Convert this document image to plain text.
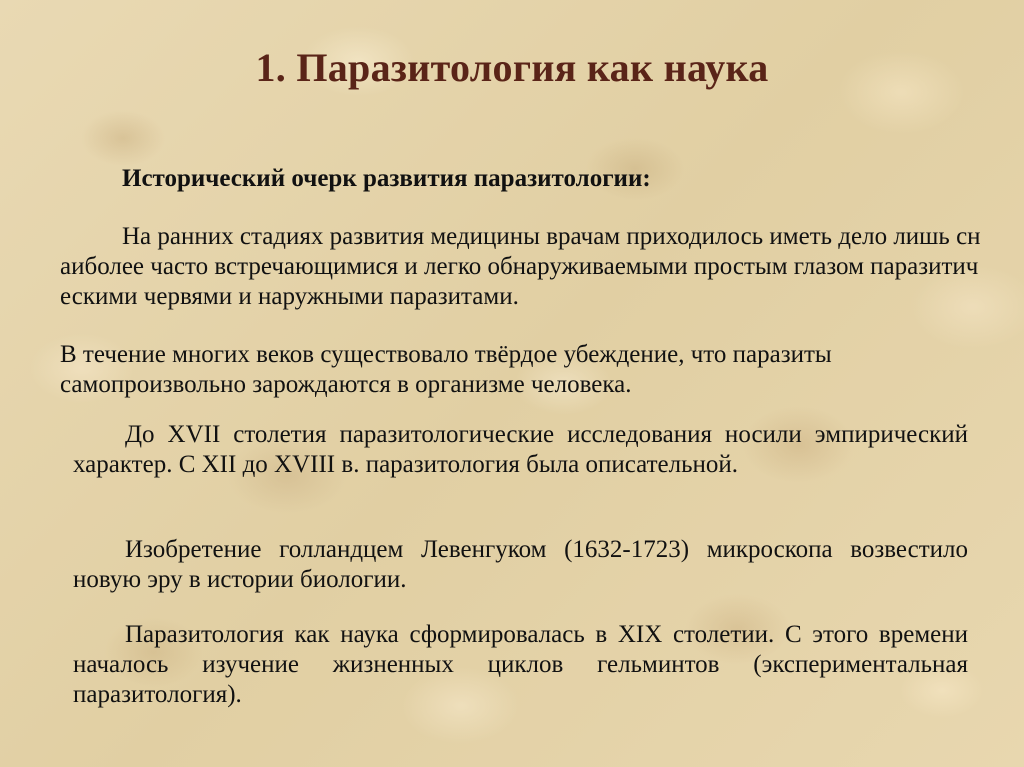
1. Паразитология как наука
Исторический очерк развития паразитологии:

На ранних стадиях развития медицины врачам приходилось иметь дело лишь снаиболее часто встречающимися и легко обнаруживаемыми простым глазом паразитическими червями и наружными паразитами.

В течение многих веков существовало твёрдое убеждение, что паразиты самопроизвольно зарождаются в организме человека.

До XVII столетия паразитологические исследования носили эмпирический характер. С XII до XVIII в. паразитология была описательной.

Изобретение голландцем Левенгуком (1632-1723) микроскопа возвестило новую эру в истории биологии.

Паразитология как наука сформировалась в XIX столетии. С этого времени началось изучение жизненных циклов гельминтов (экспериментальная паразитология).
